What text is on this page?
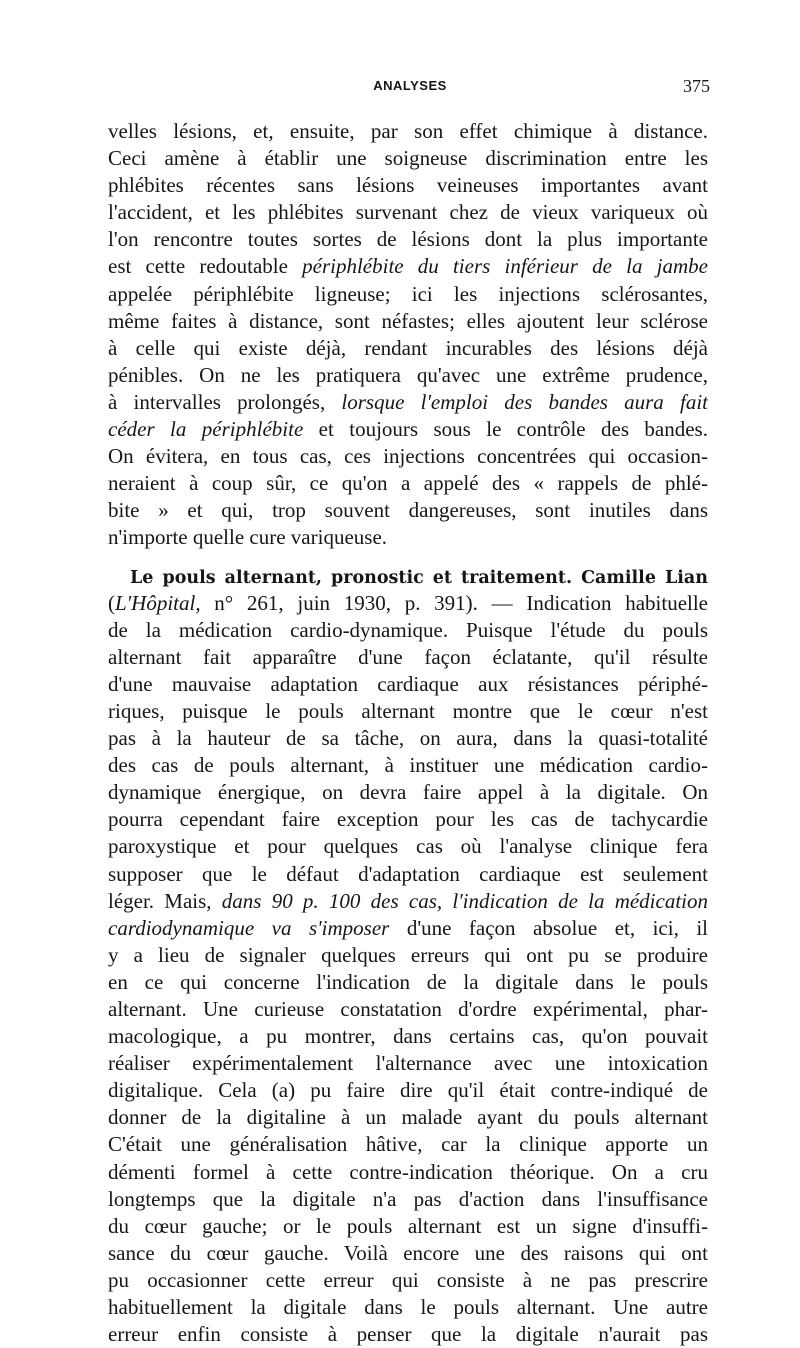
ANALYSES	375
velles lésions, et, ensuite, par son effet chimique à distance.
Ceci amène à établir une soigneuse discrimination entre les
phlébites récentes sans lésions veineuses importantes avant
l'accident, et les phlébites survenant chez de vieux variqueux où
l'on rencontre toutes sortes de lésions dont la plus importante
est cette redoutable périphlébite du tiers inférieur de la jambe
appelée périphlébite ligneuse; ici les injections sclérosantes,
même faites à distance, sont néfastes; elles ajoutent leur sclérose
à celle qui existe déjà, rendant incurables des lésions déjà
pénibles. On ne les pratiquera qu'avec une extrême prudence,
à intervalles prolongés, lorsque l'emploi des bandes aura fait
céder la périphlébite et toujours sous le contrôle des bandes.
On évitera, en tous cas, ces injections concentrées qui occasion-
neraient à coup sûr, ce qu'on a appelé des « rappels de phlé-
bite » et qui, trop souvent dangereuses, sont inutiles dans
n'importe quelle cure variqueuse.
Le pouls alternant, pronostic et traitement. Camille Lian
(L'Hôpital, n° 261, juin 1930, p. 391). — Indication habituelle
de la médication cardio-dynamique. Puisque l'étude du pouls
alternant fait apparaître d'une façon éclatante, qu'il résulte
d'une mauvaise adaptation cardiaque aux résistances périphé-
riques, puisque le pouls alternant montre que le cœur n'est
pas à la hauteur de sa tâche, on aura, dans la quasi-totalité
des cas de pouls alternant, à instituer une médication cardio-
dynamique énergique, on devra faire appel à la digitale. On
pourra cependant faire exception pour les cas de tachycardie
paroxystique et pour quelques cas où l'analyse clinique fera
supposer que le défaut d'adaptation cardiaque est seulement
léger. Mais, dans 90 p. 100 des cas, l'indication de la médication
cardiodynamique va s'imposer d'une façon absolue et, ici, il
y a lieu de signaler quelques erreurs qui ont pu se produire
en ce qui concerne l'indication de la digitale dans le pouls
alternant. Une curieuse constatation d'ordre expérimental, phar-
macologique, a pu montrer, dans certains cas, qu'on pouvait
réaliser expérimentalement l'alternance avec une intoxication
digitalique. Cela (a) pu faire dire qu'il était contre-indiqué de
donner de la digitaline à un malade ayant du pouls alternant
C'était une généralisation hâtive, car la clinique apporte un
démenti formel à cette contre-indication théorique. On a cru
longtemps que la digitale n'a pas d'action dans l'insuffisance
du cœur gauche; or le pouls alternant est un signe d'insuffi-
sance du cœur gauche. Voilà encore une des raisons qui ont
pu occasionner cette erreur qui consiste à ne pas prescrire
habituellement la digitale dans le pouls alternant. Une autre
erreur enfin consiste à penser que la digitale n'aurait pas
